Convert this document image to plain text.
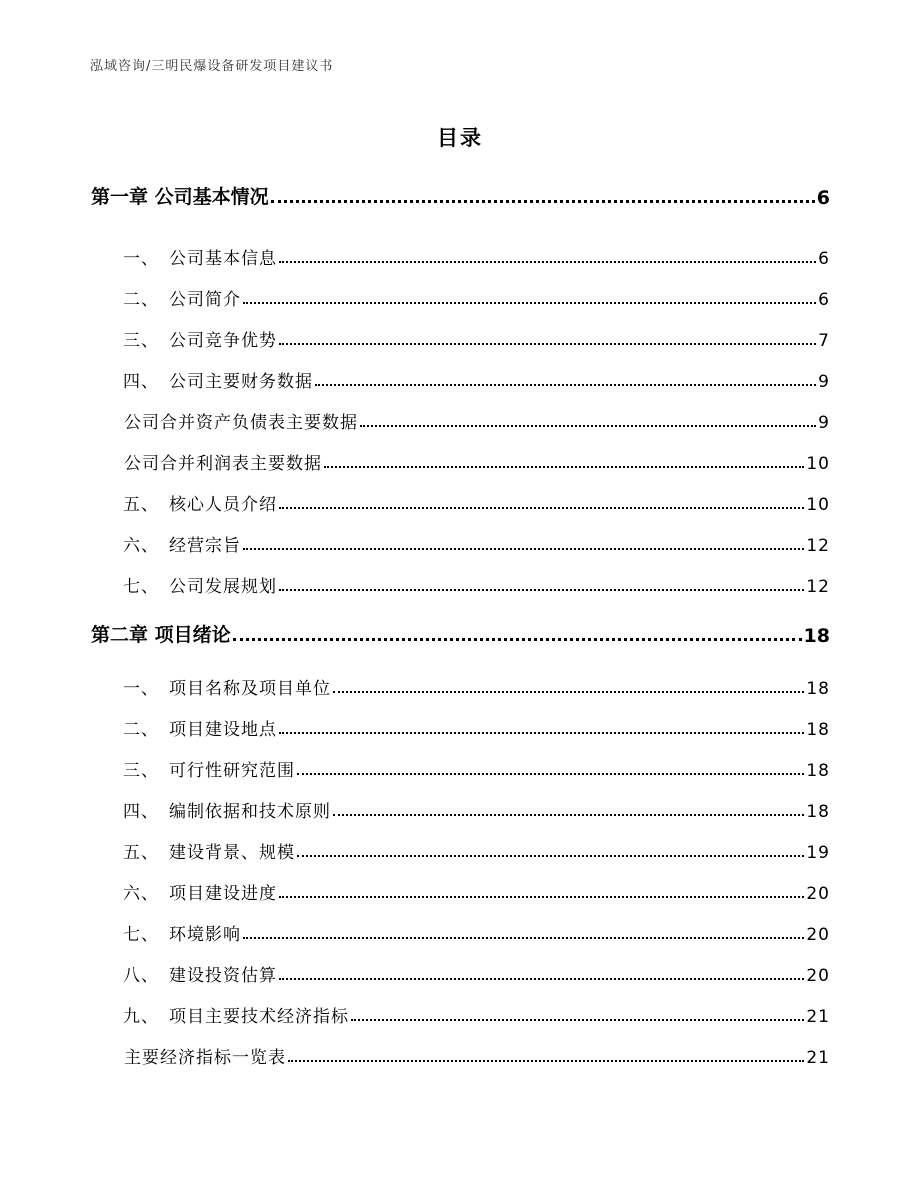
泓域咨询/三明民爆设备研发项目建议书
目录
第一章 公司基本情况	6
一、 公司基本信息	6
二、 公司简介	6
三、 公司竞争优势	7
四、 公司主要财务数据	9
公司合并资产负债表主要数据	9
公司合并利润表主要数据	10
五、 核心人员介绍	10
六、 经营宗旨	12
七、 公司发展规划	12
第二章 项目绪论	18
一、 项目名称及项目单位	18
二、 项目建设地点	18
三、 可行性研究范围	18
四、 编制依据和技术原则	18
五、 建设背景、规模	19
六、 项目建设进度	20
七、 环境影响	20
八、 建设投资估算	20
九、 项目主要技术经济指标	21
主要经济指标一览表	21
